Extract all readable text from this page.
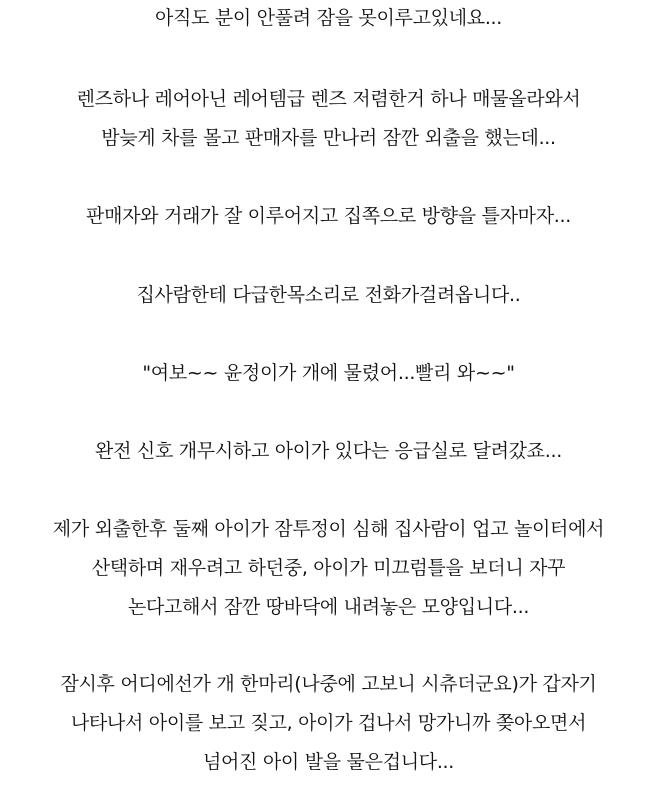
아직도 분이 안풀려 잠을 못이루고있네요...
렌즈하나 레어아닌 레어템급 렌즈 저렴한거 하나 매물올라와서
밤늦게 차를 몰고 판매자를 만나러 잠깐 외출을 했는데...
판매자와 거래가 잘 이루어지고 집쪽으로 방향을 틀자마자...
집사람한테 다급한목소리로 전화가걸려옵니다..
"여보~~ 윤정이가 개에 물렸어...빨리 와~~"
완전 신호 개무시하고 아이가 있다는 응급실로 달려갔죠...
제가 외출한후 둘째 아이가 잠투정이 심해 집사람이 업고 놀이터에서
산택하며 재우려고 하던중, 아이가 미끄럼틀을 보더니 자꾸
논다고해서 잠깐 땅바닥에 내려놓은 모양입니다...
잠시후 어디에선가 개 한마리(나중에 고보니 시츄더군요)가 갑자기
나타나서 아이를 보고 짖고, 아이가 겁나서 망가니까 쫒아오면서
넘어진 아이 발을 물은겁니다...
